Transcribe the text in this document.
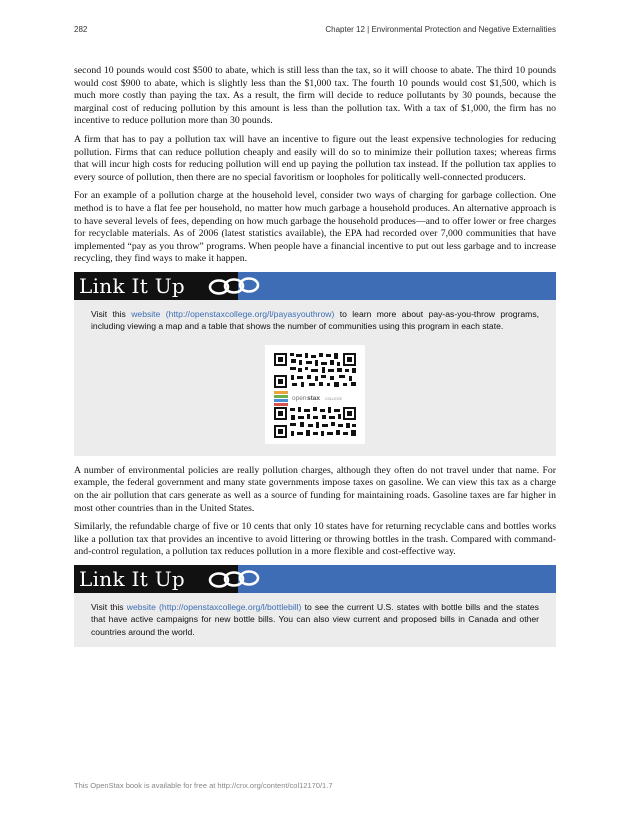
282	Chapter 12 | Environmental Protection and Negative Externalities

second 10 pounds would cost $500 to abate, which is still less than the tax, so it will choose to abate. The third 10 pounds would cost $900 to abate, which is slightly less than the $1,000 tax. The fourth 10 pounds would cost $1,500, which is much more costly than paying the tax. As a result, the firm will decide to reduce pollutants by 30 pounds, because the marginal cost of reducing pollution by this amount is less than the pollution tax. With a tax of $1,000, the firm has no incentive to reduce pollution more than 30 pounds.

A firm that has to pay a pollution tax will have an incentive to figure out the least expensive technologies for reducing pollution. Firms that can reduce pollution cheaply and easily will do so to minimize their pollution taxes; whereas firms that will incur high costs for reducing pollution will end up paying the pollution tax instead. If the pollution tax applies to every source of pollution, then there are no special favoritism or loopholes for politically well-connected producers.

For an example of a pollution charge at the household level, consider two ways of charging for garbage collection. One method is to have a flat fee per household, no matter how much garbage a household produces. An alternative approach is to have several levels of fees, depending on how much garbage the household produces—and to offer lower or free charges for recyclable materials. As of 2006 (latest statistics available), the EPA had recorded over 7,000 communities that have implemented “pay as you throw” programs. When people have a financial incentive to put out less garbage and to increase recycling, they find ways to make it happen.

Link It Up

Visit this website (http://openstaxcollege.org/l/payasyouthrow) to learn more about pay-as-you-throw programs, including viewing a map and a table that shows the number of communities using this program in each state.

open stax COLLEGE

A number of environmental policies are really pollution charges, although they often do not travel under that name. For example, the federal government and many state governments impose taxes on gasoline. We can view this tax as a charge on the air pollution that cars generate as well as a source of funding for maintaining roads. Gasoline taxes are far higher in most other countries than in the United States.

Similarly, the refundable charge of five or 10 cents that only 10 states have for returning recyclable cans and bottles works like a pollution tax that provides an incentive to avoid littering or throwing bottles in the trash. Compared with command-and-control regulation, a pollution tax reduces pollution in a more flexible and cost-effective way.

Link It Up

Visit this website (http://openstaxcollege.org/l/bottlebill) to see the current U.S. states with bottle bills and the states that have active campaigns for new bottle bills. You can also view current and proposed bills in Canada and other countries around the world.

This OpenStax book is available for free at http://cnx.org/content/col12170/1.7
